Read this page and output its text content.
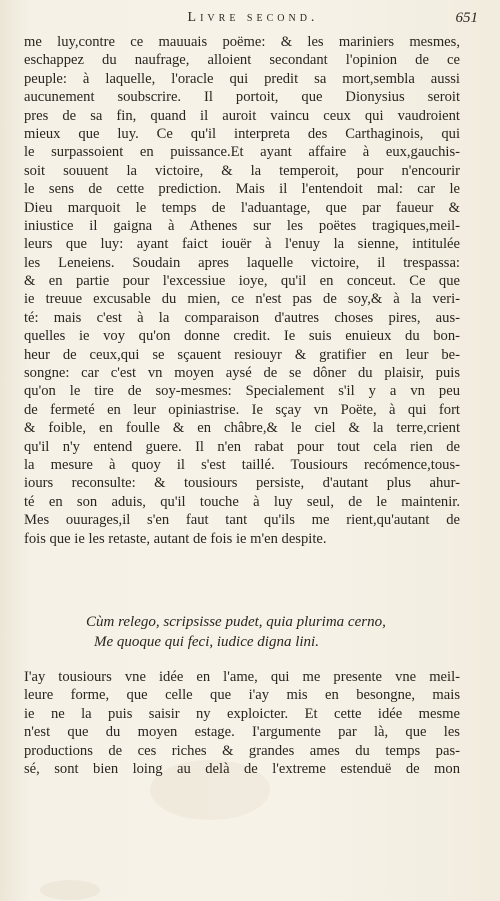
Livre second.	651
me luy,contre ce mauuais poëme: & les mariniers mesmes,
eschappez du naufrage, alloient secondant l'opinion de ce
peuple: à laquelle, l'oracle qui predit sa mort,sembla aussi
aucunement soubscrire. Il portoit, que Dionysius seroit
pres de sa fin, quand il auroit vaincu ceux qui vaudroient
mieux que luy. Ce qu'il interpreta des Carthaginois, qui
le surpassoient en puissance.Et ayant affaire à eux,gauchis-
soit souuent la victoire, & la temperoit, pour n'encourir
le sens de cette prediction. Mais il l'entendoit mal: car le
Dieu marquoit le temps de l'aduantage, que par faueur &
iniustice il gaigna à Athenes sur les poëtes tragiques,meil-
leurs que luy: ayant faict iouër à l'enuy la sienne, intitulée
les Leneiens. Soudain apres laquelle victoire, il trespassa:
& en partie pour l'excessiue ioye, qu'il en conceut. Ce que
ie treuue excusable du mien, ce n'est pas de soy,& à la veri-
té: mais c'est à la comparaison d'autres choses pires, aus-
quelles ie voy qu'on donne credit. Ie suis enuieux du bon-
heur de ceux,qui se sçauent resiouyr & gratifier en leur be-
songne: car c'est vn moyen aysé de se dôner du plaisir, puis
qu'on le tire de soy-mesmes: Specialement s'il y a vn peu
de fermeté en leur opiniastrise. Ie sçay vn Poëte, à qui fort
& foible, en foulle & en châbre,& le ciel & la terre,crient
qu'il n'y entend guere. Il n'en rabat pour tout cela rien de
la mesure à quoy il s'est taillé. Tousiours recómence,tous-
iours reconsulte: & tousiours persiste, d'autant plus ahur-
té en son aduis, qu'il touche à luy seul, de le maintenir.
Mes ouurages,il s'en faut tant qu'ils me rient,qu'autant de
fois que ie les retaste, autant de fois ie m'en despite.
Cùm relego, scripsisse pudet, quia plurima cerno,
Me quoque qui feci, iudice digna lini.
I'ay tousiours vne idée en l'ame, qui me presente vne meil-
leure forme, que celle que i'ay mis en besongne, mais
ie ne la puis saisir ny exploicter. Et cette idée mesme
n'est que du moyen estage. I'argumente par là, que les
productions de ces riches & grandes ames du temps pas-
sé, sont bien loing au delà de l'extreme estenduë de mon
